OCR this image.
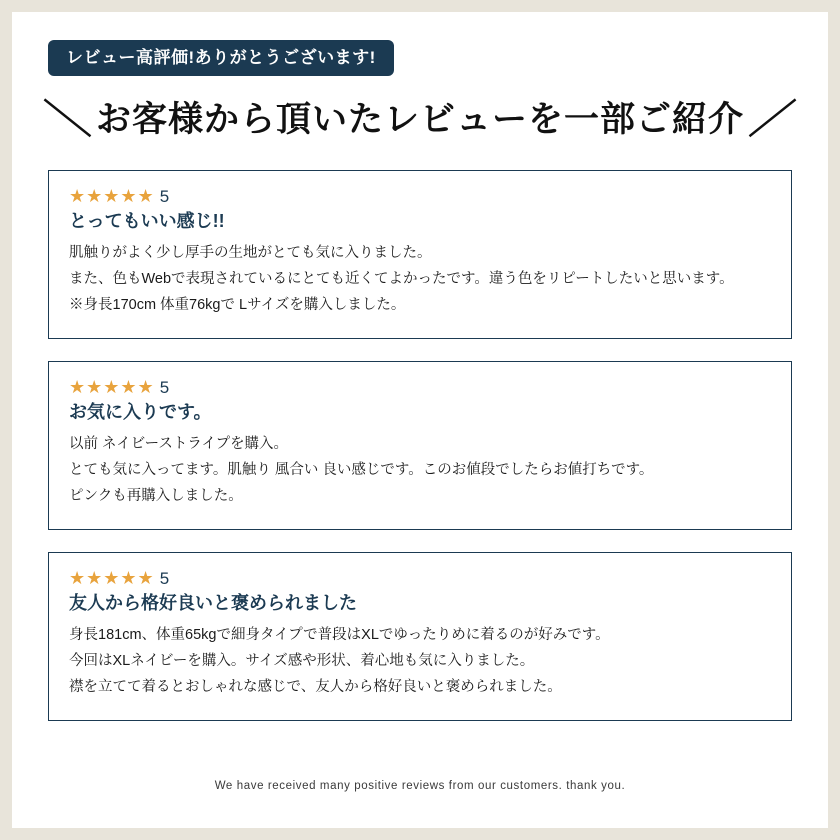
レビュー高評価!ありがとうございます!
＼ お客様から頂いたレビューを一部ご紹介 ／
★★★★★ 5
とってもいい感じ!!

肌触りがよく少し厚手の生地がとても気に入りました。

また、色もWebで表現されているにとても近くてよかったです。違う色をリピートしたいと思います。

※身長170cm 体重76kgで Lサイズを購入しました。

★★★★★ 5
お気に入りです。

以前 ネイビーストライプを購入。

とても気に入ってます。肌触り 風合い 良い感じです。このお値段でしたらお値打ちです。

ピンクも再購入しました。

★★★★★ 5
友人から格好良いと褒められました

身長181cm、体重65kgで細身タイプで普段はXLでゆったりめに着るのが好みです。

今回はXLネイビーを購入。サイズ感や形状、着心地も気に入りました。

襟を立てて着るとおしゃれな感じで、友人から格好良いと褒められました。

We have received many positive reviews from our customers. thank you.
